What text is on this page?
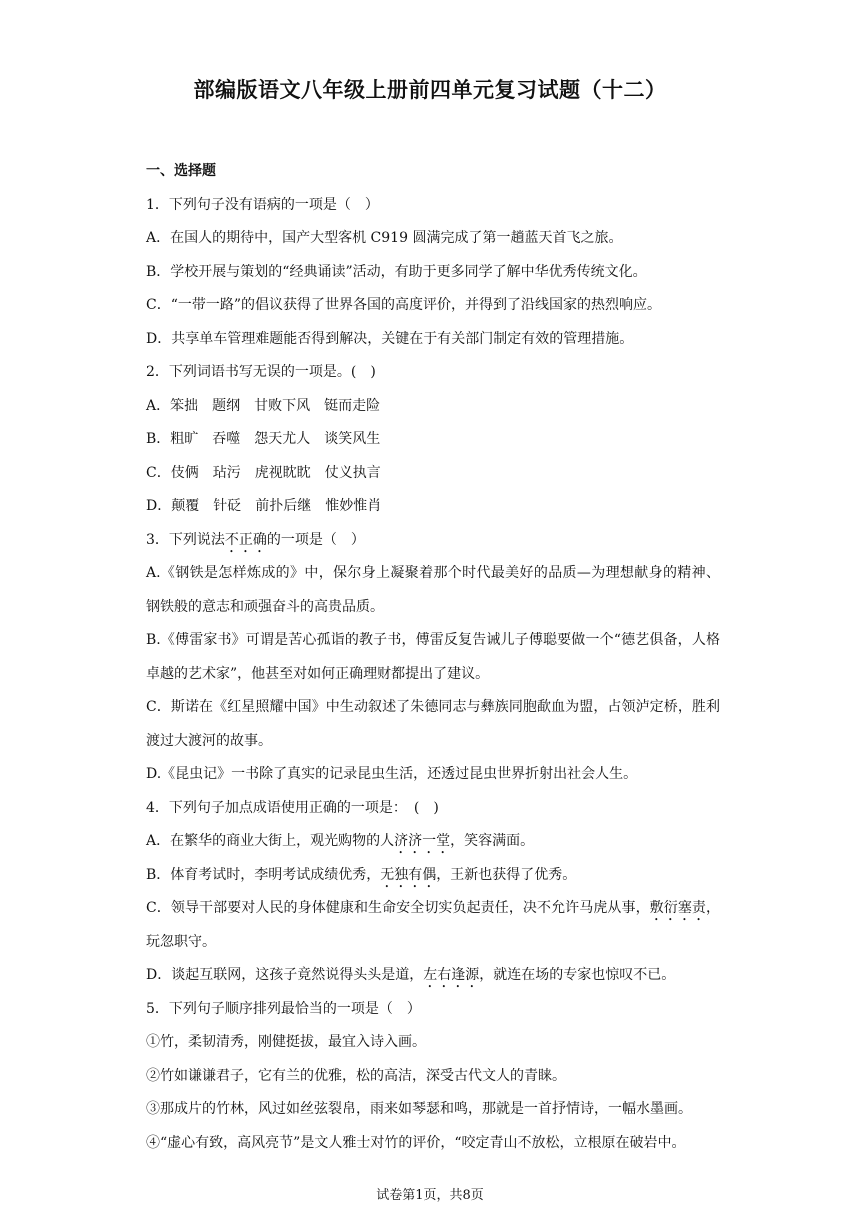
部编版语文八年级上册前四单元复习试题（十二）
一、选择题
1．下列句子没有语病的一项是（　）
A．在国人的期待中，国产大型客机 C919 圆满完成了第一趟蓝天首飞之旅。
B．学校开展与策划的“经典诵读”活动，有助于更多同学了解中华优秀传统文化。
C．“一带一路”的倡议获得了世界各国的高度评价，并得到了沿线国家的热烈响应。
D．共享单车管理难题能否得到解决，关键在于有关部门制定有效的管理措施。
2．下列词语书写无误的一项是。(　)
A．笨拙　题纲　甘败下风　铤而走险
B．粗旷　吞噬　怨天尤人　谈笑风生
C．伎俩　玷污　虎视眈眈　仗义执言
D．颠覆　针砭　前扑后继　惟妙惟肖
3．下列说法不正确的一项是（　）
A.《钢铁是怎样炼成的》中，保尔身上凝聚着那个时代最美好的品质—为理想献身的精神、钢铁般的意志和顽强奋斗的高贵品质。
B.《傅雷家书》可谓是苦心孤诣的教子书，傅雷反复告诫儿子傅聪要做一个“德艺俱备，人格卓越的艺术家”，他甚至对如何正确理财都提出了建议。
C．斯诺在《红星照耀中国》中生动叙述了朱德同志与彝族同胞歃血为盟，占领泸定桥，胜利渡过大渡河的故事。
D.《昆虫记》一书除了真实的记录昆虫生活，还透过昆虫世界折射出社会人生。
4．下列句子加点成语使用正确的一项是：　(　)
A．在繁华的商业大街上，观光购物的人济济一堂，笑容满面。
B．体育考试时，李明考试成绩优秀，无独有偶，王新也获得了优秀。
C．领导干部要对人民的身体健康和生命安全切实负起责任，决不允许马虎从事，敷衍塞责，玩忽职守。
D．谈起互联网，这孩子竟然说得头头是道，左右逢源，就连在场的专家也惊叹不已。
5．下列句子顺序排列最恰当的一项是（　）
①竹，柔韧清秀，刚健挺拔，最宜入诗入画。
②竹如谦谦君子，它有兰的优雅，松的高洁，深受古代文人的青睐。
③那成片的竹林，风过如丝弦裂帛，雨来如琴瑟和鸣，那就是一首抒情诗，一幅水墨画。
④“虚心有致，高风亮节”是文人雅士对竹的评价，“咬定青山不放松，立根原在破岩中。
试卷第1页，共8页
